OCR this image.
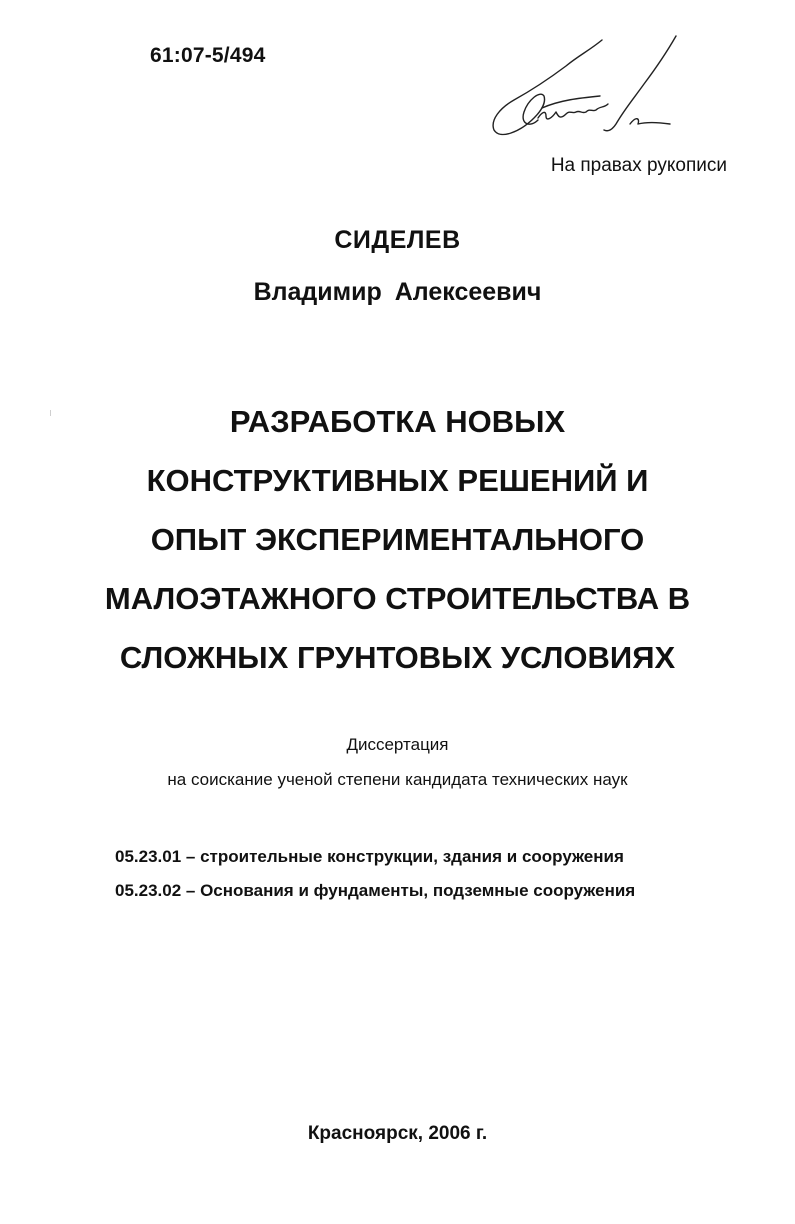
61:07-5/494
На правах рукописи
СИДЕЛЕВ
Владимир Алексеевич
РАЗРАБОТКА НОВЫХ
КОНСТРУКТИВНЫХ РЕШЕНИЙ И
ОПЫТ ЭКСПЕРИМЕНТАЛЬНОГО
МАЛОЭТАЖНОГО СТРОИТЕЛЬСТВА В
СЛОЖНЫХ ГРУНТОВЫХ УСЛОВИЯХ
Диссертация
на соискание ученой степени кандидата технических наук
05.23.01 – строительные конструкции, здания и сооружения
05.23.02 – Основания и фундаменты, подземные сооружения
Красноярск, 2006 г.
